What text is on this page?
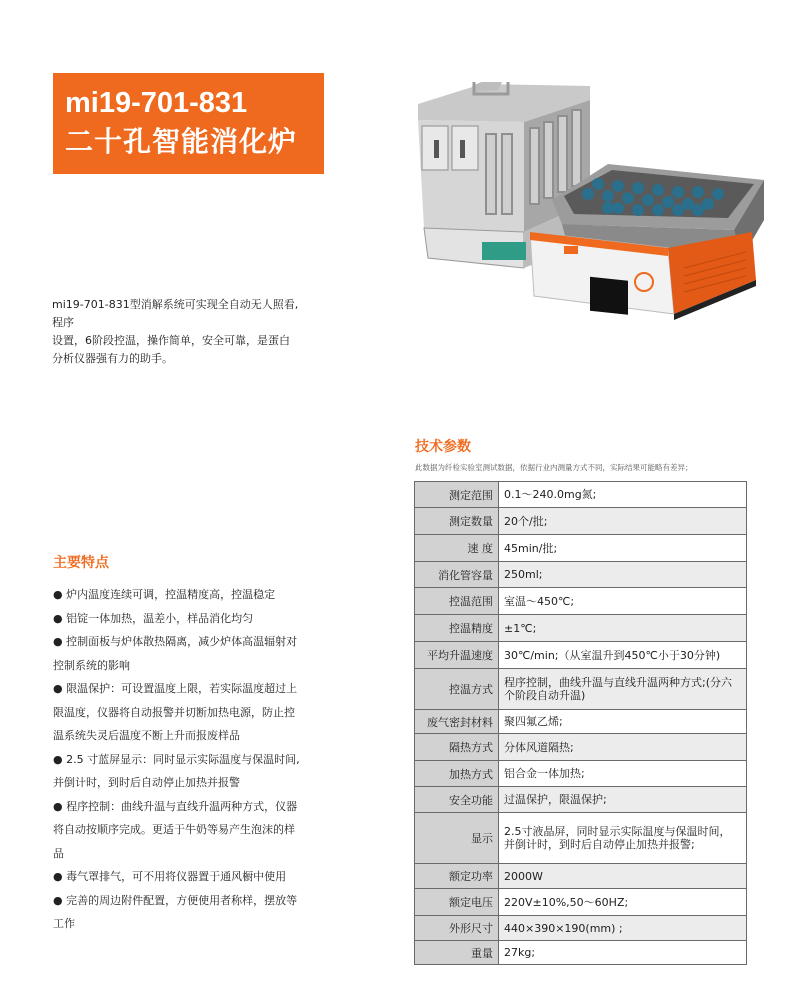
mi19-701-831
二十孔智能消化炉
mi19-701-831型消解系统可实现全自动无人照看,
程序
设置，6阶段控温，操作简单，安全可靠，是蛋白
分析仪器强有力的助手。
主要特点
● 炉内温度连续可调，控温精度高，控温稳定
● 铝锭一体加热，温差小，样品消化均匀
● 控制面板与炉体散热隔离，减少炉体高温辐射对
控制系统的影响
● 限温保护：可设置温度上限，若实际温度超过上
限温度，仪器将自动报警并切断加热电源，防止控
温系统失灵后温度不断上升而报废样品
● 2.5 寸蓝屏显示：同时显示实际温度与保温时间,
并倒计时，到时后自动停止加热并报警
● 程序控制：曲线升温与直线升温两种方式，仪器
将自动按顺序完成。更适于牛奶等易产生泡沫的样
品
● 毒气罩排气，可不用将仪器置于通风橱中使用
● 完善的周边附件配置，方便使用者称样，摆放等
工作
技术参数
此数据为纤检实验室测试数据，依据行业内测量方式不同，实际结果可能略有差异；
测定范围	0.1～240.0mg氮;
测定数量	20个/批;
速 度	45min/批;
消化管容量	250ml;
控温范围	室温～450℃;
控温精度	±1℃;
平均升温速度	30℃/min;（从室温升到450℃小于30分钟)
控温方式	程序控制，曲线升温与直线升温两种方式;(分六个阶段自动升温)
废气密封材料	聚四氟乙烯;
隔热方式	分体风道隔热;
加热方式	铝合金一体加热;
安全功能	过温保护，限温保护;
显示	2.5寸液晶屏，同时显示实际温度与保温时间，并倒计时，到时后自动停止加热并报警;
额定功率	2000W
额定电压	220V±10%,50～60HZ;
外形尺寸	440×390×190(mm) ;
重量	27kg;
